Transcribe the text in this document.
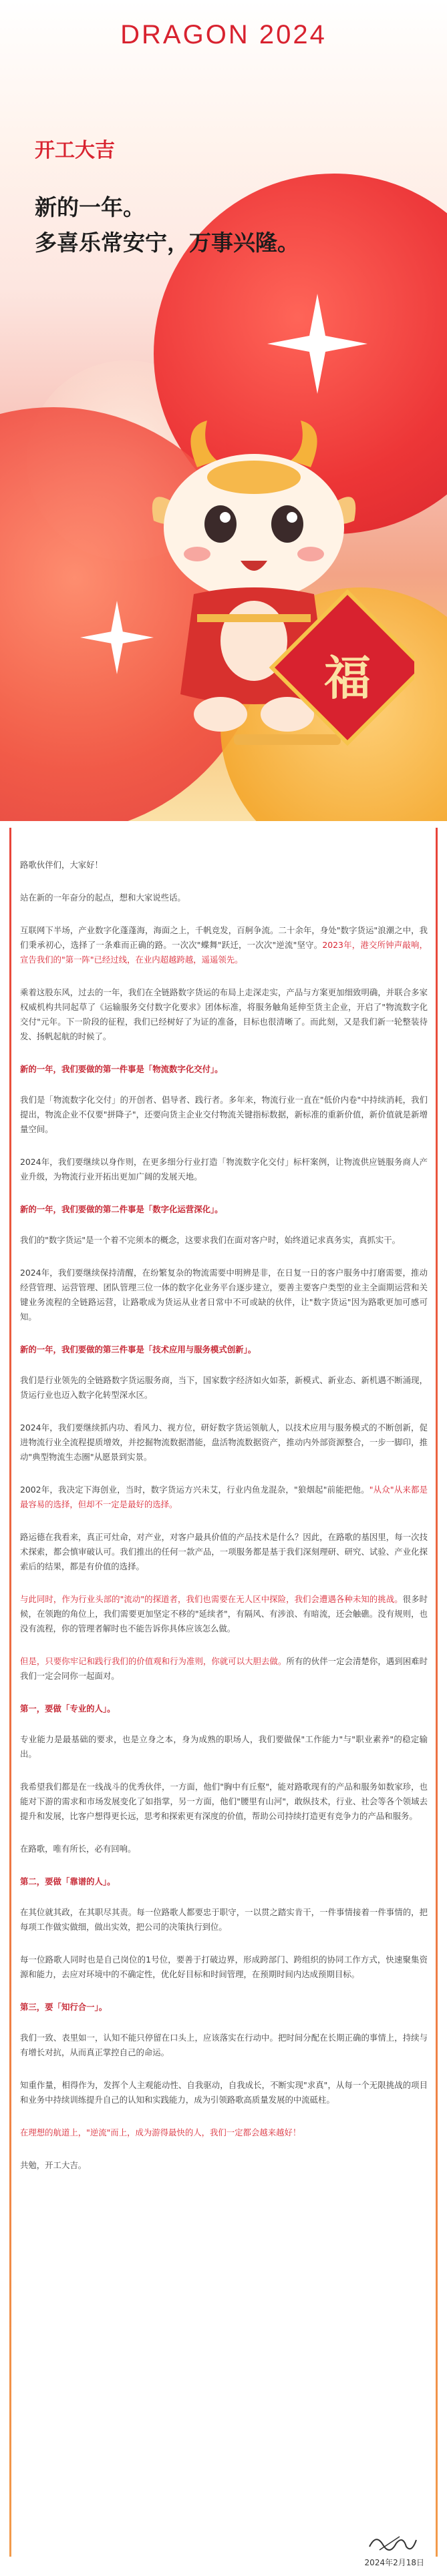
DRAGON 2024
开工大吉
新的一年。
多喜乐常安宁，万事兴隆。
福

路歌伙伴们，大家好！

站在新的一年奋分的起点，想和大家说些话。

互联网下半场，产业数字化蓬蓬海，海面之上，千帆竞发，百舸争流。二十余年，身处"数字货运"浪潮之中，我们秉承初心，选择了一条难而正确的路。一次次"蝶舞"跃迁，一次次"逆流"坚守。2023年，港交所钟声敲响，宣告我们的"第一阵"已经过线，在业内超越跨越，遥遥领先。

乘着这股东风，过去的一年，我们在全链路数字货运的布局上走深走实，产品与方案更加细致明确，并联合多家权威机构共同起草了《运输服务交付数字化要求》团体标准，将服务触角延伸至货主企业，开启了"物流数字化交付"元年。下一阶段的征程，我们已经树好了为证的准备，目标也很清晰了。而此刻，又是我们新一轮整装待发、扬帆起航的时候了。

新的一年，我们要做的第一件事是「物流数字化交付」。

我们是「物流数字化交付」的开创者、倡导者、践行者。多年来，物流行业一直在"低价内卷"中持续消耗，我们提出，物流企业不仅要"拼降子"，还要向货主企业交付物流关键指标数据，新标准的重新价值，新价值就是新增量空间。

2024年，我们要继续以身作则，在更多细分行业打造「物流数字化交付」标杆案例，让物流供应链服务商人产业升级，为物流行业开拓出更加广阔的发展天地。

新的一年，我们要做的第二件事是「数字化运营深化」。

我们的"数字货运"是一个着不完须本的概念，这要求我们在面对客户时，始终道记求真务实，真抓实干。

2024年，我们要继续保持清醒，在纷繁复杂的物流需要中明辨是非，在日复一日的客户服务中打磨需要，推动经营管理、运营管理、团队管理三位一体的数字化业务平台逐步建立，要善主要客户类型的业主全面期运营和关键业务流程的全链路运营，让路歌成为货运从业者日常中不可或缺的伙伴，让"数字货运"因为路歌更加可感可知。

新的一年，我们要做的第三件事是「技术应用与服务模式创新」。

我们是行业领先的全链路数字货运服务商，当下，国家数字经济如火如荼，新模式、新业态、新机遇不断涌现，货运行业也迈入数字化转型深水区。

2024年，我们要继续抓内功、看风力、视方位，研好数字货运领航人，以技术应用与服务模式的不断创新，促进物流行业全流程提质增效，并挖掘物流数据潜能，盘活物流数据资产，推动内外部资源整合，一步一脚印，推动"典型物流生态圈"从愿景到实景。

2002年，我决定下海创业，当时，数字货运方兴未艾，行业内鱼龙混杂，"狼烟起"前能把他。"从众"从来都是最容易的选择，但却不一定是最好的选择。

路运德在我看来，真正可灶命，对产业，对客户最具价值的产品技术是什么？因此，在路歌的基因里，每一次技术探索，都会慎审破认可。我们推出的任何一款产品，一项服务都是基于我们深刻理研、研究、试验、产业化探索后的结果，都是有价值的选择。

与此同时，作为行业头部的"流动"的探道者，我们也需要在无人区中探险，我们会遭遇各种未知的挑战。很多时候，在领跑的角位上，我们需要更加坚定不移的"延续者"，有隔风、有涉浪、有暗流，还会触礁。没有规则，也没有流程，你的管理者解时也不能告诉你具体应该怎么做。

但是，只要你牢记和践行我们的价值观和行为准则，你就可以大胆去做。所有的伙伴一定会清楚你，遇到困难时我们一定会同你一起面对。

第一，要做「专业的人」。

专业能力是最基础的要求，也是立身之本，身为成熟的职场人，我们要做保"工作能力"与"职业素养"的稳定输出。

我希望我们都是在一线战斗的优秀伙伴，一方面，他们"胸中有丘壑"，能对路歌现有的产品和服务如数家珍，也能对下游的需求和市场发展变化了如指掌，另一方面，他们"腰里有山河"，敢纵技术，行业、社会等各个领域去提升和发展，比客户想得更长远，思考和探索更有深度的价值，帮助公司持续打造更有竞争力的产品和服务。

在路歌，唯有所长，必有回响。

第二，要做「靠谱的人」。

在其位就其政，在其职尽其责。每一位路歌人都要忠于职守，一以贯之踏实肯干，一件事情接着一件事情的，把每项工作做实做细，做出实效，把公司的决策执行到位。

每一位路歌人同时也是自己岗位的1号位，要善于打破边界，形成跨部门、跨组织的协同工作方式，快速聚集资源和能力，去应对环境中的不确定性，优化好目标和时间管理，在预期时间内达成预期目标。

第三，要「知行合一」。

我们一致、表里如一，认知不能只停留在口头上，应该落实在行动中。把时间分配在长期正确的事情上，持续与有增长对抗，从而真正掌控自己的命运。

知重作量，相得作为，发挥个人主观能动性、自我驱动，自我成长，不断实现"求真"，从每一个无限挑战的项目和业务中持续训练提升自己的认知和实践能力，成为引领路歌高质量发展的中流砥柱。

在理想的航道上，"逆流"而上，成为游得最快的人，我们一定都会越来越好！

共勉，开工大吉。

2024年2月18日
